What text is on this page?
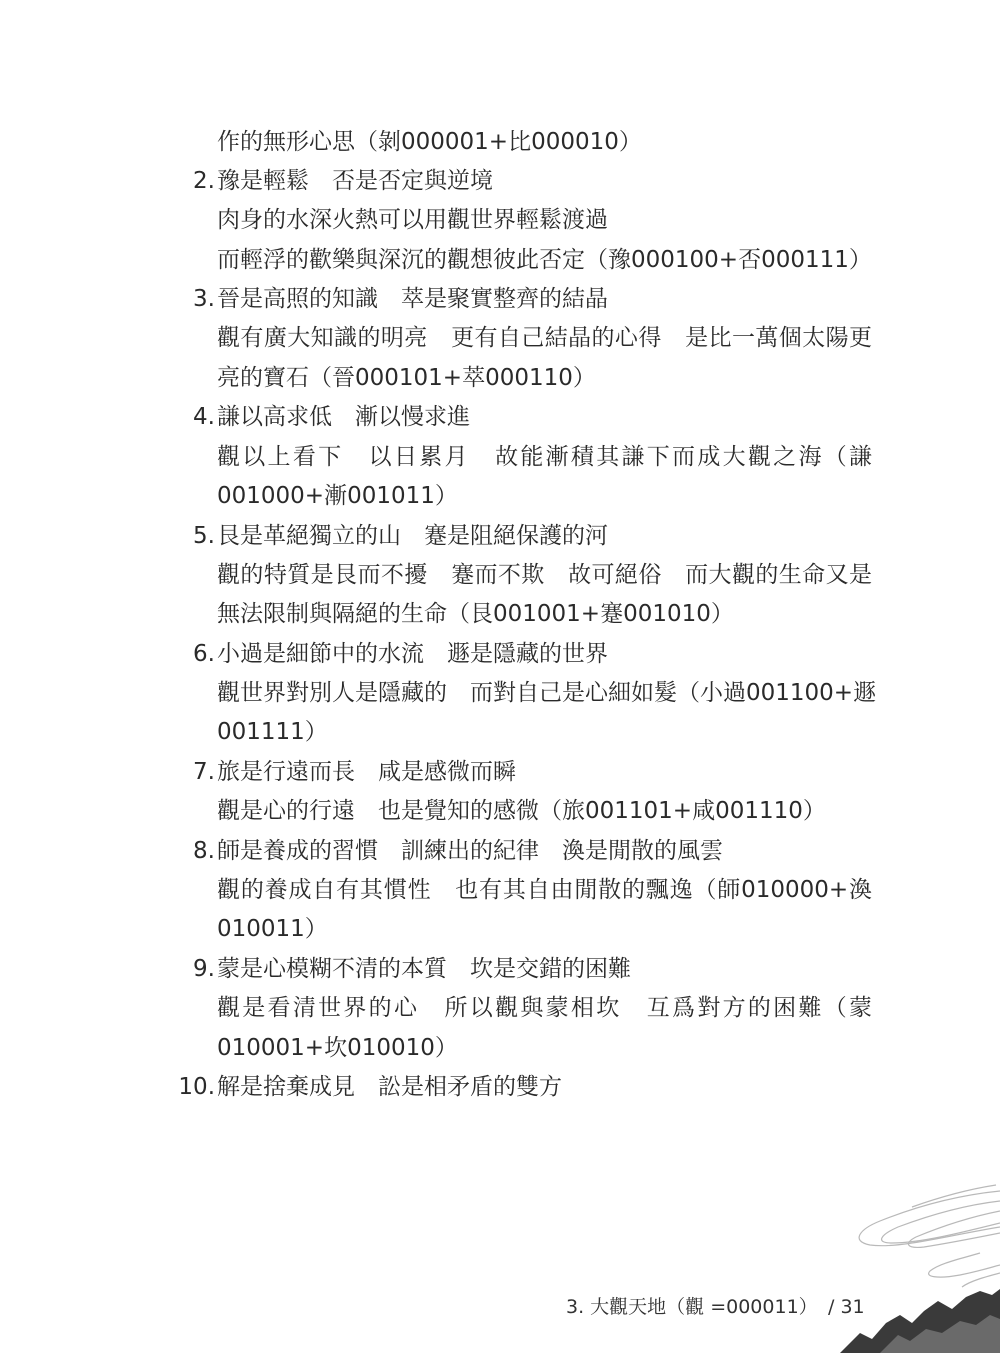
作的無形心思（剝000001+比000010）
2. 豫是輕鬆　否是否定與逆境
肉身的水深火熱可以用觀世界輕鬆渡過
而輕浮的歡樂與深沉的觀想彼此否定（豫000100+否000111）
3. 晉是高照的知識　萃是聚實整齊的結晶
觀有廣大知識的明亮　更有自己結晶的心得　是比一萬個太陽更
亮的寶石（晉000101+萃000110）
4. 謙以高求低　漸以慢求進
觀以上看下　以日累月　故能漸積其謙下而成大觀之海（謙
001000+漸001011）
5. 艮是革絕獨立的山　蹇是阻絕保護的河
觀的特質是艮而不擾　蹇而不欺　故可絕俗　而大觀的生命又是
無法限制與隔絕的生命（艮001001+蹇001010）
6. 小過是細節中的水流　遯是隱藏的世界
觀世界對別人是隱藏的　而對自己是心細如髮（小過001100+遯
001111）
7. 旅是行遠而長　咸是感微而瞬
觀是心的行遠　也是覺知的感微（旅001101+咸001110）
8. 師是養成的習慣　訓練出的紀律　渙是閒散的風雲
觀的養成自有其慣性　也有其自由閒散的飄逸（師010000+渙
010011）
9. 蒙是心模糊不清的本質　坎是交錯的困難
觀是看清世界的心　所以觀與蒙相坎　互爲對方的困難（蒙
010001+坎010010）
10. 解是捨棄成見　訟是相矛盾的雙方
3. 大觀天地（觀 =000011） / 31
